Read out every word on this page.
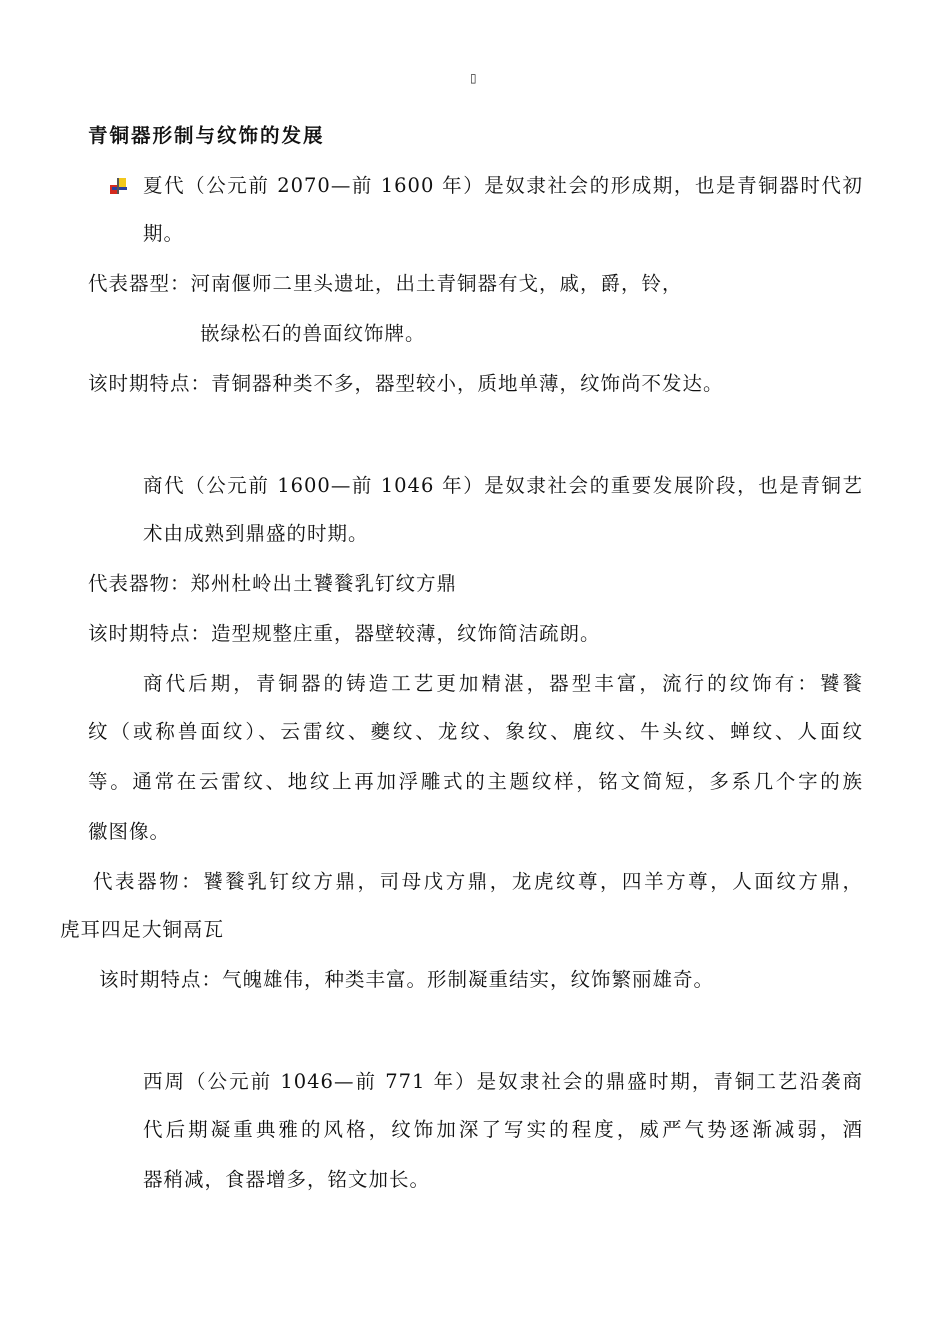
▯
青铜器形制与纹饰的发展
夏代（公元前 2070—前 1600 年）是奴隶社会的形成期，也是青铜器时代初
期。
代表器型：河南偃师二里头遗址，出土青铜器有戈，戚，爵，铃，
嵌绿松石的兽面纹饰牌。
该时期特点：青铜器种类不多，器型较小，质地单薄，纹饰尚不发达。
商代（公元前 1600—前 1046 年）是奴隶社会的重要发展阶段，也是青铜艺
术由成熟到鼎盛的时期。
代表器物：郑州杜岭出土饕餮乳钉纹方鼎
该时期特点：造型规整庄重，器壁较薄，纹饰简洁疏朗。
商代后期，青铜器的铸造工艺更加精湛，器型丰富，流行的纹饰有：饕餮
纹（或称兽面纹）、云雷纹、夔纹、龙纹、象纹、鹿纹、牛头纹、蝉纹、人面纹
等。通常在云雷纹、地纹上再加浮雕式的主题纹样，铭文简短，多系几个字的族
徽图像。
代表器物：饕餮乳钉纹方鼎，司母戊方鼎，龙虎纹尊，四羊方尊，人面纹方鼎，
虎耳四足大铜鬲瓦
该时期特点：气魄雄伟，种类丰富。形制凝重结实，纹饰繁丽雄奇。
西周（公元前 1046—前 771 年）是奴隶社会的鼎盛时期，青铜工艺沿袭商
代后期凝重典雅的风格，纹饰加深了写实的程度，威严气势逐渐减弱，酒
器稍减，食器增多，铭文加长。
